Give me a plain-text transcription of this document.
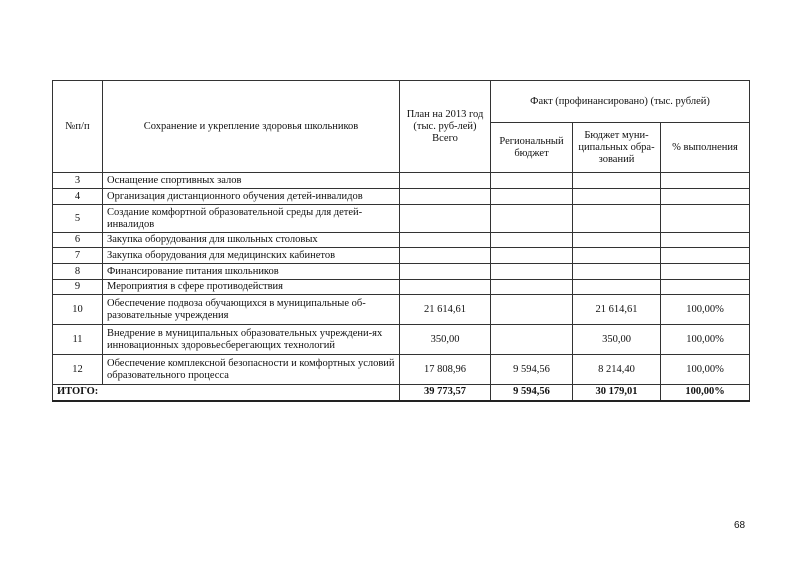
№п/п	Сохранение и укрепление здоровья школьников	План на 2013 год (тыс. руб-лей) Всего	Факт (профинансировано) (тыс. рублей)		
			Региональный бюджет	Бюджет муни-ципальных обра-зований	% выполнения
3	Оснащение спортивных залов				
4	Организация дистанционного обучения детей-инвалидов				
5	Создание комфортной образовательной среды для детей-инвалидов				
6	Закупка оборудования для школьных столовых				
7	Закупка оборудования для медицинских кабинетов				
8	Финансирование питания школьников				
9	Мероприятия в сфере противодействия				
10	Обеспечение подвоза обучающихся в муниципальные об-разовательные учреждения	21 614,61		21 614,61	100,00%
11	Внедрение в муниципальных образовательных учреждени-ях инновационных здоровьесберегающих технологий	350,00		350,00	100,00%
12	Обеспечение комплексной безопасности и комфортных условий образовательного процесса	17 808,96	9 594,56	8 214,40	100,00%
ИТОГО:		39 773,57	9 594,56	30 179,01	100,00%
68
